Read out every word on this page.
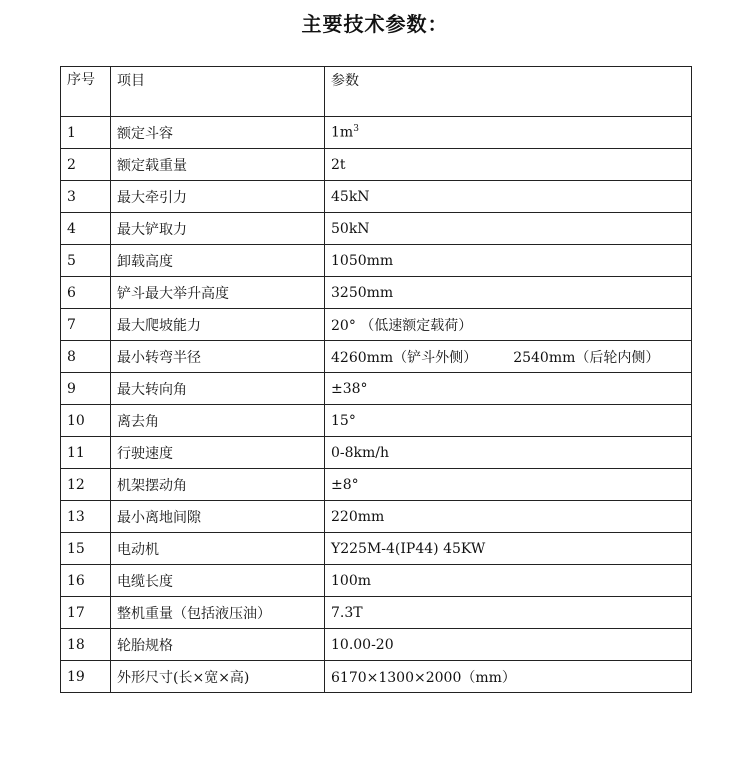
主要技术参数：
序号	项目	参数
1	额定斗容	$1m^3$
2	额定载重量	2t
3	最大牵引力	45kN
4	最大铲取力	50kN
5	卸载高度	1050mm
6	铲斗最大举升高度	3250mm
7	最大爬坡能力	20° （低速额定载荷）
8	最小转弯半径	4260mm（铲斗外侧） 2540mm（后轮内侧）
9	最大转向角	±38°
10	离去角	15°
11	行驶速度	0-8km/h
12	机架摆动角	±8°
13	最小离地间隙	220mm
15	电动机	Y225M-4(IP44) 45KW
16	电缆长度	100m
17	整机重量（包括液压油）	7.3T
18	轮胎规格	10.00-20
19	外形尺寸(长×宽×高)	6170×1300×2000（mm）
